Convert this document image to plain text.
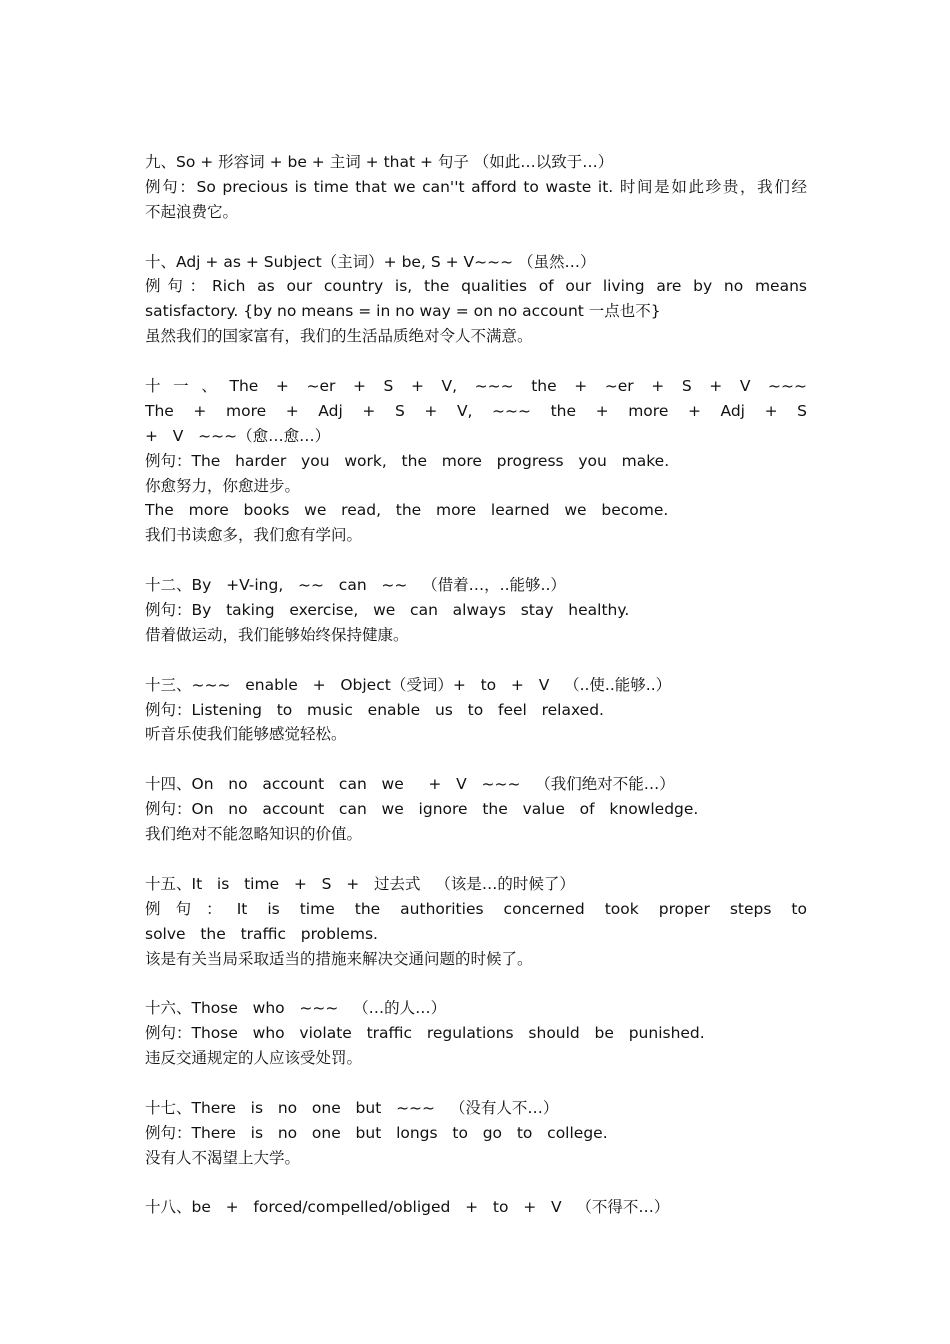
九、So + 形容词 + be + 主词 + that + 句子 （如此…以致于…）
例句：So precious is time that we can''t afford to waste it. 时间是如此珍贵，我们经
不起浪费它。
十、Adj + as + Subject（主词）+ be, S + V~~~ （虽然…）
例句：Rich as our country is, the qualities of our living are by no means
satisfactory. {by no means = in no way = on no account 一点也不}
虽然我们的国家富有，我们的生活品质绝对令人不满意。
十一、The + ~er + S + V, ~~~ the + ~er + S + V ~~~
The + more + Adj + S + V, ~~~ the + more + Adj + S
+   V   ~~~（愈…愈…）
例句：The   harder   you   work,   the   more   progress   you   make.
你愈努力，你愈进步。
The   more   books   we   read,   the   more   learned   we   become.
我们书读愈多，我们愈有学问。
十二、By   +V-ing,   ~~   can   ~~   （借着…，..能够..）
例句：By   taking   exercise,   we   can   always   stay   healthy.
借着做运动，我们能够始终保持健康。
十三、~~~   enable   +   Object（受词）+   to   +   V   （..使..能够..）
例句：Listening   to   music   enable   us   to   feel   relaxed.
听音乐使我们能够感觉轻松。
十四、On   no   account   can   we     +   V   ~~~   （我们绝对不能…）
例句：On   no   account   can   we   ignore   the   value   of   knowledge.
我们绝对不能忽略知识的价值。
十五、It   is   time   +   S   +   过去式   （该是…的时候了）
例句：It is time the authorities concerned took proper steps to
solve   the   traffic   problems.
该是有关当局采取适当的措施来解决交通问题的时候了。
十六、Those   who   ~~~   （…的人…）
例句：Those   who   violate   traffic   regulations   should   be   punished.
违反交通规定的人应该受处罚。
十七、There   is   no   one   but   ~~~   （没有人不…）
例句：There   is   no   one   but   longs   to   go   to   college.
没有人不渴望上大学。
十八、be   +   forced/compelled/obliged   +   to   +   V   （不得不…）
